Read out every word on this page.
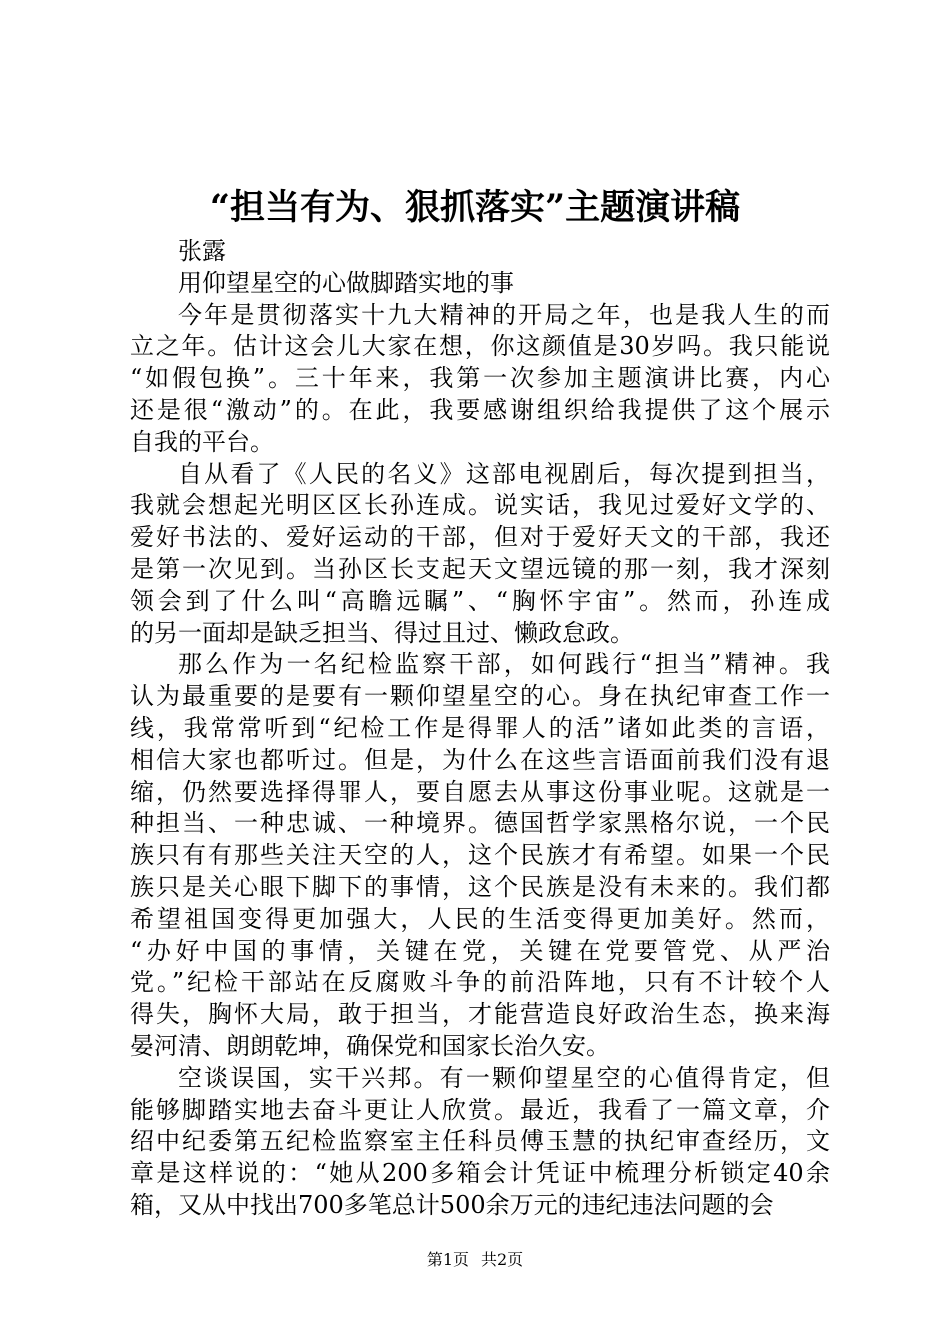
“担当有为、狠抓落实”主题演讲稿
张露
用仰望星空的心做脚踏实地的事
今年是贯彻落实十九大精神的开局之年，也是我人生的而
立之年。估计这会儿大家在想，你这颜值是30岁吗。我只能说
“如假包换”。三十年来，我第一次参加主题演讲比赛，内心
还是很“激动”的。在此，我要感谢组织给我提供了这个展示
自我的平台。
自从看了《人民的名义》这部电视剧后，每次提到担当，
我就会想起光明区区长孙连成。说实话，我见过爱好文学的、
爱好书法的、爱好运动的干部，但对于爱好天文的干部，我还
是第一次见到。当孙区长支起天文望远镜的那一刻，我才深刻
领会到了什么叫“高瞻远瞩”、“胸怀宇宙”。然而，孙连成
的另一面却是缺乏担当、得过且过、懒政怠政。
那么作为一名纪检监察干部，如何践行“担当”精神。我
认为最重要的是要有一颗仰望星空的心。身在执纪审查工作一
线，我常常听到“纪检工作是得罪人的活”诸如此类的言语，
相信大家也都听过。但是，为什么在这些言语面前我们没有退
缩，仍然要选择得罪人，要自愿去从事这份事业呢。这就是一
种担当、一种忠诚、一种境界。德国哲学家黑格尔说，一个民
族只有有那些关注天空的人，这个民族才有希望。如果一个民
族只是关心眼下脚下的事情，这个民族是没有未来的。我们都
希望祖国变得更加强大，人民的生活变得更加美好。然而，
“办好中国的事情，关键在党，关键在党要管党、从严治
党。”纪检干部站在反腐败斗争的前沿阵地，只有不计较个人
得失，胸怀大局，敢于担当，才能营造良好政治生态，换来海
晏河清、朗朗乾坤，确保党和国家长治久安。
空谈误国，实干兴邦。有一颗仰望星空的心值得肯定，但
能够脚踏实地去奋斗更让人欣赏。最近，我看了一篇文章，介
绍中纪委第五纪检监察室主任科员傅玉慧的执纪审查经历，文
章是这样说的：“她从200多箱会计凭证中梳理分析锁定40余
箱，又从中找出700多笔总计500余万元的违纪违法问题的会
第1页 共2页
